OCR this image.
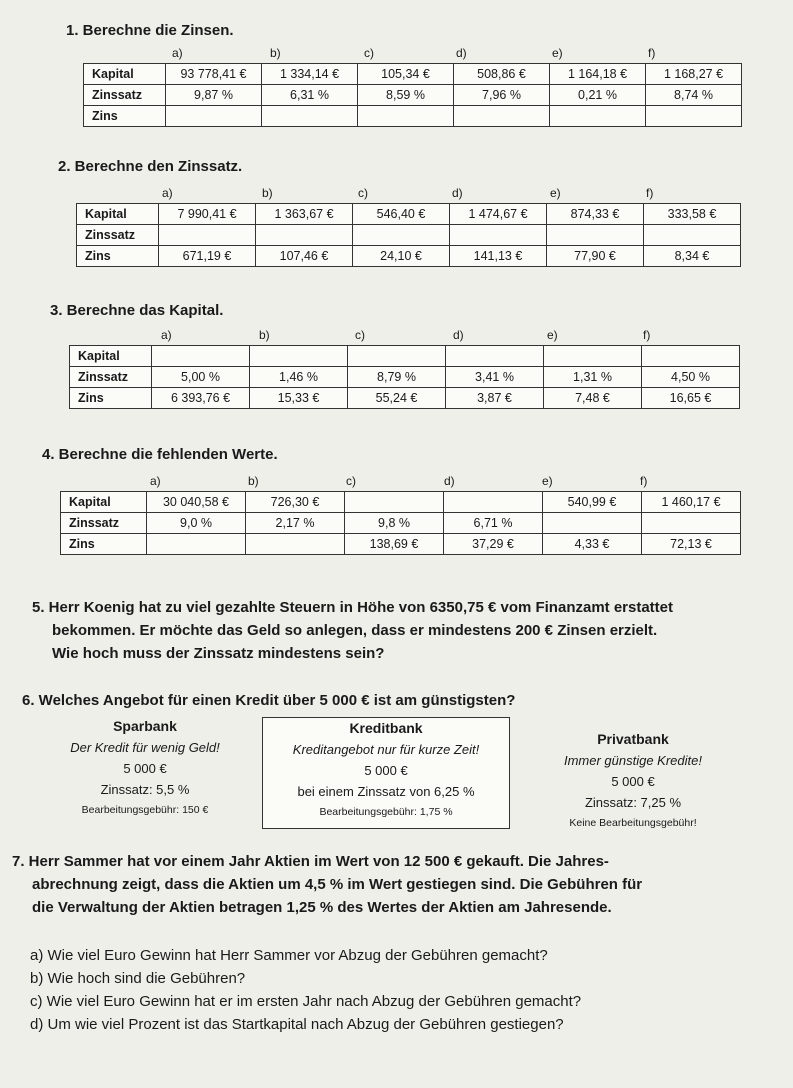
1. Berechne die Zinsen.
a)	b)	c)	d)	e)	f)
Kapital	93 778,41 €	1 334,14 €	105,34 €	508,86 €	1 164,18 €	1 168,27 €
Zinssatz	9,87 %	6,31 %	8,59 %	7,96 %	0,21 %	8,74 %
Zins						
2. Berechne den Zinssatz.
a)	b)	c)	d)	e)	f)
Kapital	7 990,41 €	1 363,67 €	546,40 €	1 474,67 €	874,33 €	333,58 €
Zinssatz						
Zins	671,19 €	107,46 €	24,10 €	141,13 €	77,90 €	8,34 €
3. Berechne das Kapital.
a)	b)	c)	d)	e)	f)
Kapital						
Zinssatz	5,00 %	1,46 %	8,79 %	3,41 %	1,31 %	4,50 %
Zins	6 393,76 €	15,33 €	55,24 €	3,87 €	7,48 €	16,65 €
4. Berechne die fehlenden Werte.
a)	b)	c)	d)	e)	f)
Kapital	30 040,58 €	726,30 €			540,99 €	1 460,17 €
Zinssatz	9,0 %	2,17 %	9,8 %	6,71 %		
Zins			138,69 €	37,29 €	4,33 €	72,13 €
5. Herr Koenig hat zu viel gezahlte Steuern in Höhe von 6350,75 € vom Finanzamt erstattet
bekommen. Er möchte das Geld so anlegen, dass er mindestens 200 € Zinsen erzielt.
Wie hoch muss der Zinssatz mindestens sein?
6. Welches Angebot für einen Kredit über 5 000 € ist am günstigsten?
Sparbank
Der Kredit für wenig Geld!
5 000 €
Zinssatz: 5,5 %
Bearbeitungsgebühr: 150 €
Kreditbank
Kreditangebot nur für kurze Zeit!
5 000 €
bei einem Zinssatz von 6,25 %
Bearbeitungsgebühr: 1,75 %
Privatbank
Immer günstige Kredite!
5 000 €
Zinssatz: 7,25 %
Keine Bearbeitungsgebühr!
7. Herr Sammer hat vor einem Jahr Aktien im Wert von 12 500 € gekauft. Die Jahres-
abrechnung zeigt, dass die Aktien um 4,5 % im Wert gestiegen sind. Die Gebühren für
die Verwaltung der Aktien betragen 1,25 % des Wertes der Aktien am Jahresende.
a) Wie viel Euro Gewinn hat Herr Sammer vor Abzug der Gebühren gemacht?
b) Wie hoch sind die Gebühren?
c) Wie viel Euro Gewinn hat er im ersten Jahr nach Abzug der Gebühren gemacht?
d) Um wie viel Prozent ist das Startkapital nach Abzug der Gebühren gestiegen?
